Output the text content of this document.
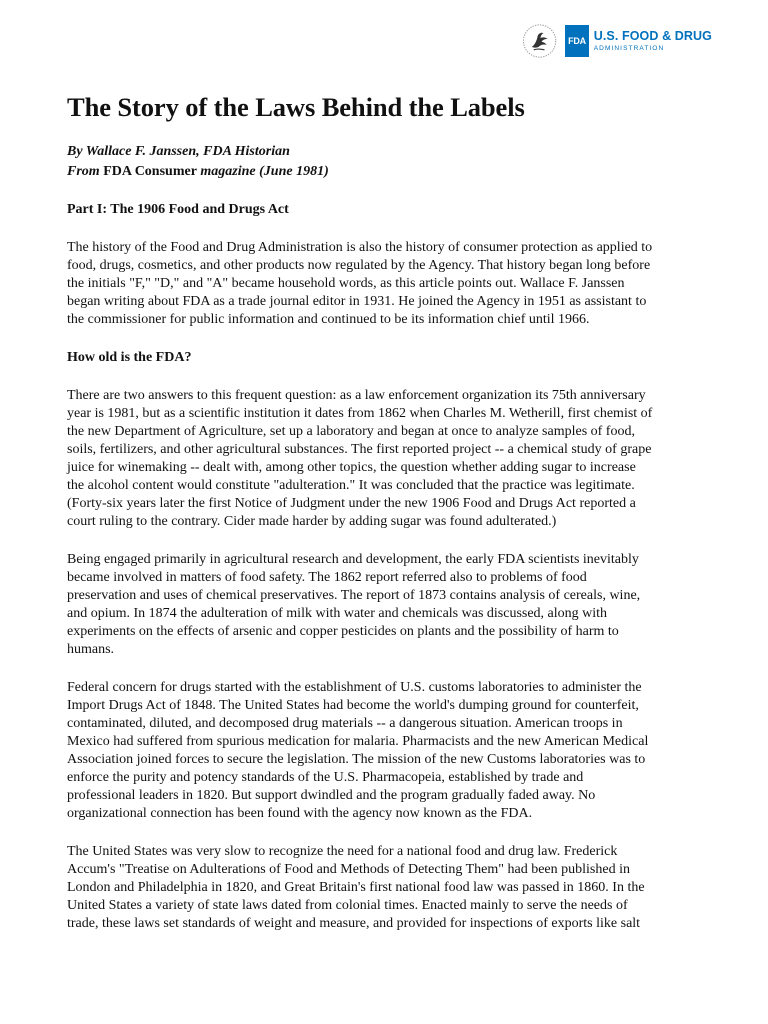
FDA U.S. FOOD & DRUG
ADMINISTRATION
The Story of the Laws Behind the Labels
By Wallace F. Janssen, FDA Historian
From FDA Consumer magazine (June 1981)
Part I: The 1906 Food and Drugs Act

The history of the Food and Drug Administration is also the history of consumer protection as applied to
food, drugs, cosmetics, and other products now regulated by the Agency. That history began long before
the initials "F," "D," and "A" became household words, as this article points out. Wallace F. Janssen
began writing about FDA as a trade journal editor in 1931. He joined the Agency in 1951 as assistant to
the commissioner for public information and continued to be its information chief until 1966.

How old is the FDA?

There are two answers to this frequent question: as a law enforcement organization its 75th anniversary
year is 1981, but as a scientific institution it dates from 1862 when Charles M. Wetherill, first chemist of
the new Department of Agriculture, set up a laboratory and began at once to analyze samples of food,
soils, fertilizers, and other agricultural substances. The first reported project -- a chemical study of grape
juice for winemaking -- dealt with, among other topics, the question whether adding sugar to increase
the alcohol content would constitute "adulteration." It was concluded that the practice was legitimate.
(Forty-six years later the first Notice of Judgment under the new 1906 Food and Drugs Act reported a
court ruling to the contrary. Cider made harder by adding sugar was found adulterated.)

Being engaged primarily in agricultural research and development, the early FDA scientists inevitably
became involved in matters of food safety. The 1862 report referred also to problems of food
preservation and uses of chemical preservatives. The report of 1873 contains analysis of cereals, wine,
and opium. In 1874 the adulteration of milk with water and chemicals was discussed, along with
experiments on the effects of arsenic and copper pesticides on plants and the possibility of harm to
humans.

Federal concern for drugs started with the establishment of U.S. customs laboratories to administer the
Import Drugs Act of 1848. The United States had become the world's dumping ground for counterfeit,
contaminated, diluted, and decomposed drug materials -- a dangerous situation. American troops in
Mexico had suffered from spurious medication for malaria. Pharmacists and the new American Medical
Association joined forces to secure the legislation. The mission of the new Customs laboratories was to
enforce the purity and potency standards of the U.S. Pharmacopeia, established by trade and
professional leaders in 1820. But support dwindled and the program gradually faded away. No
organizational connection has been found with the agency now known as the FDA.

The United States was very slow to recognize the need for a national food and drug law. Frederick
Accum's "Treatise on Adulterations of Food and Methods of Detecting Them" had been published in
London and Philadelphia in 1820, and Great Britain's first national food law was passed in 1860. In the
United States a variety of state laws dated from colonial times. Enacted mainly to serve the needs of
trade, these laws set standards of weight and measure, and provided for inspections of exports like salt
